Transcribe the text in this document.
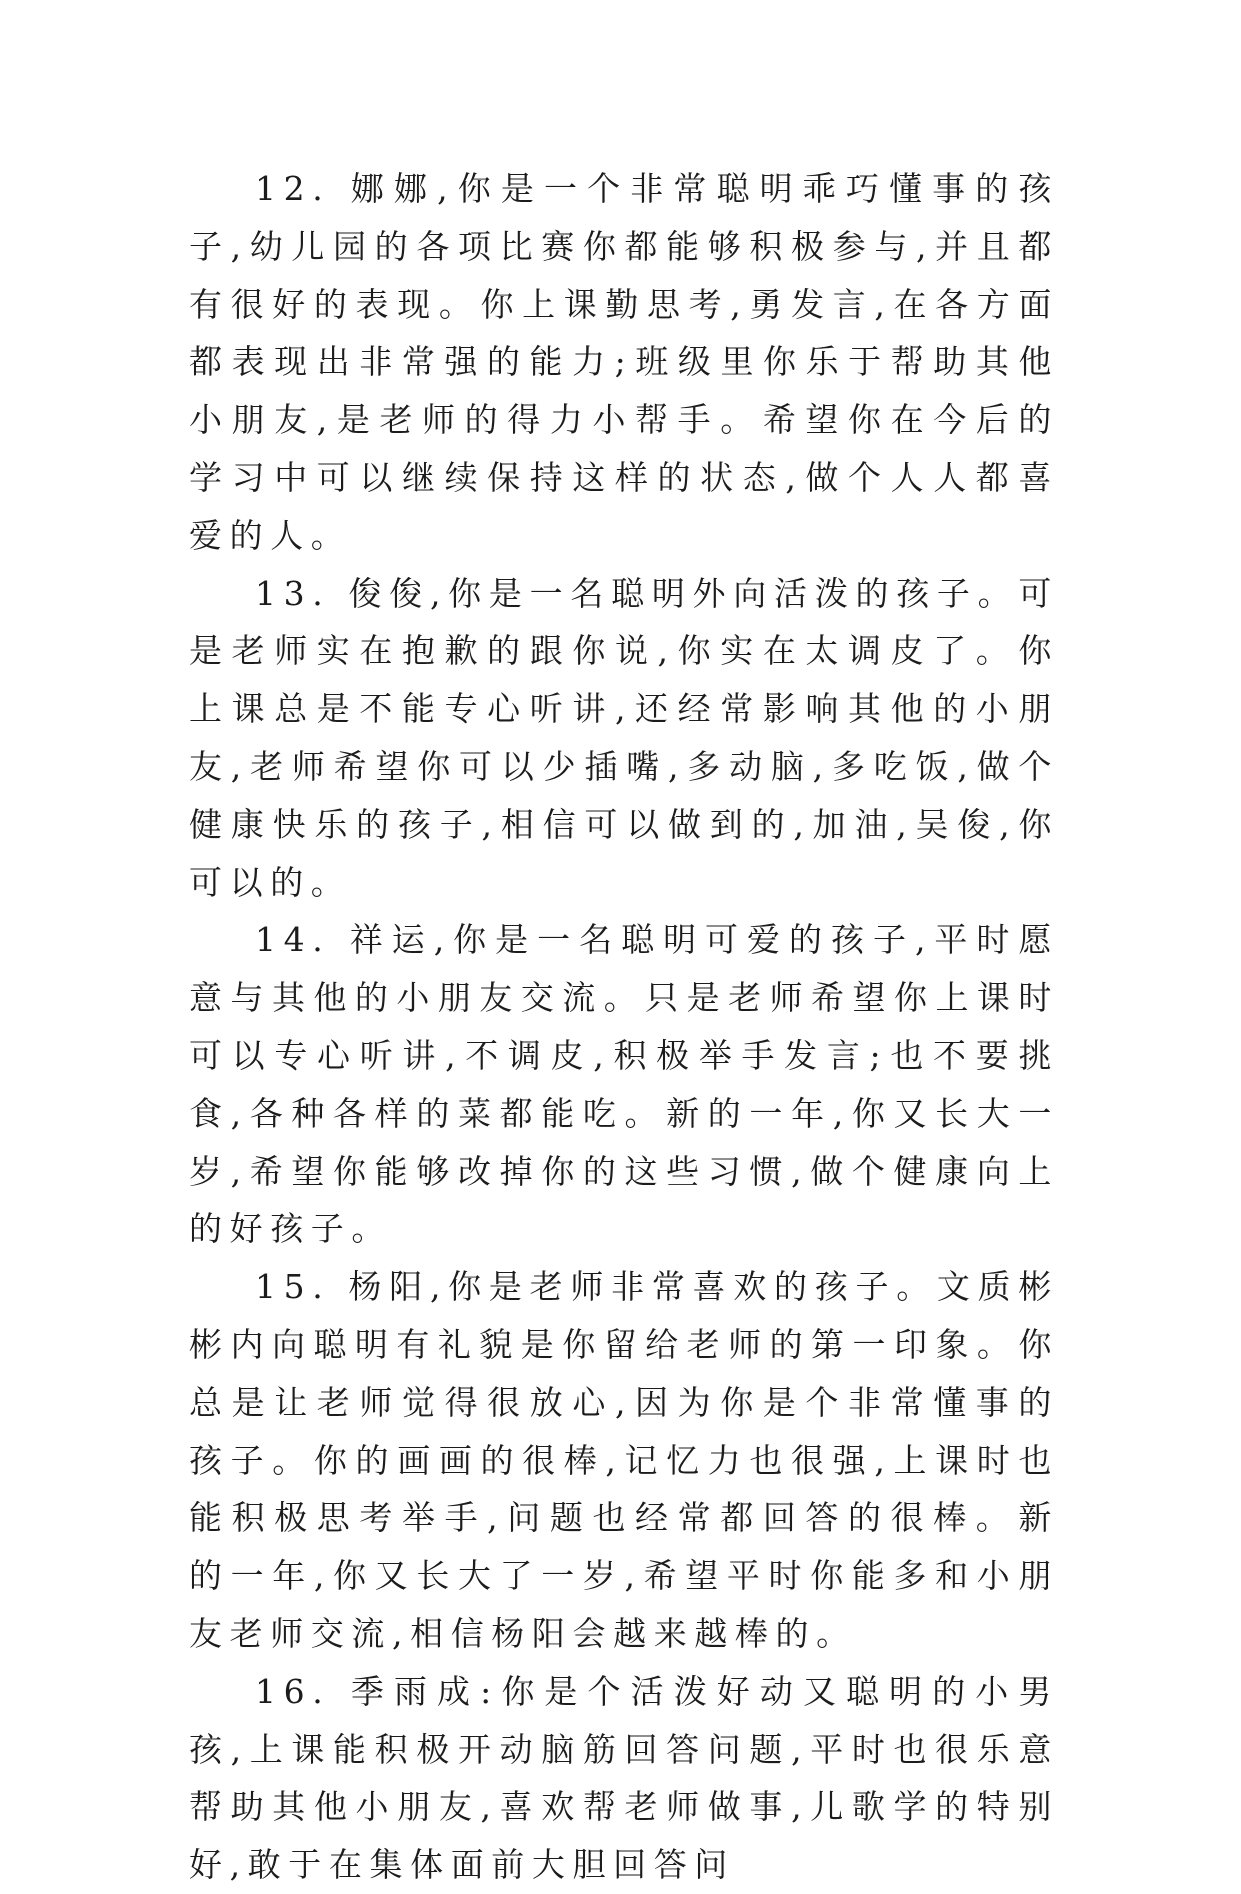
12. 娜娜,你是一个非常聪明乖巧懂事的孩子,幼儿园的各项比赛你都能够积极参与,并且都有很好的表现。你上课勤思考,勇发言,在各方面都表现出非常强的能力;班级里你乐于帮助其他小朋友,是老师的得力小帮手。希望你在今后的学习中可以继续保持这样的状态,做个人人都喜爱的人。

13. 俊俊,你是一名聪明外向活泼的孩子。可是老师实在抱歉的跟你说,你实在太调皮了。你上课总是不能专心听讲,还经常影响其他的小朋友,老师希望你可以少插嘴,多动脑,多吃饭,做个健康快乐的孩子,相信可以做到的,加油,吴俊,你可以的。

14. 祥运,你是一名聪明可爱的孩子,平时愿意与其他的小朋友交流。只是老师希望你上课时可以专心听讲,不调皮,积极举手发言;也不要挑食,各种各样的菜都能吃。新的一年,你又长大一岁,希望你能够改掉你的这些习惯,做个健康向上的好孩子。

15. 杨阳,你是老师非常喜欢的孩子。文质彬彬内向聪明有礼貌是你留给老师的第一印象。你总是让老师觉得很放心,因为你是个非常懂事的孩子。你的画画的很棒,记忆力也很强,上课时也能积极思考举手,问题也经常都回答的很棒。新的一年,你又长大了一岁,希望平时你能多和小朋友老师交流,相信杨阳会越来越棒的。

16. 季雨成:你是个活泼好动又聪明的小男孩,上课能积极开动脑筋回答问题,平时也很乐意帮助其他小朋友,喜欢帮老师做事,儿歌学的特别好,敢于在集体面前大胆回答问
